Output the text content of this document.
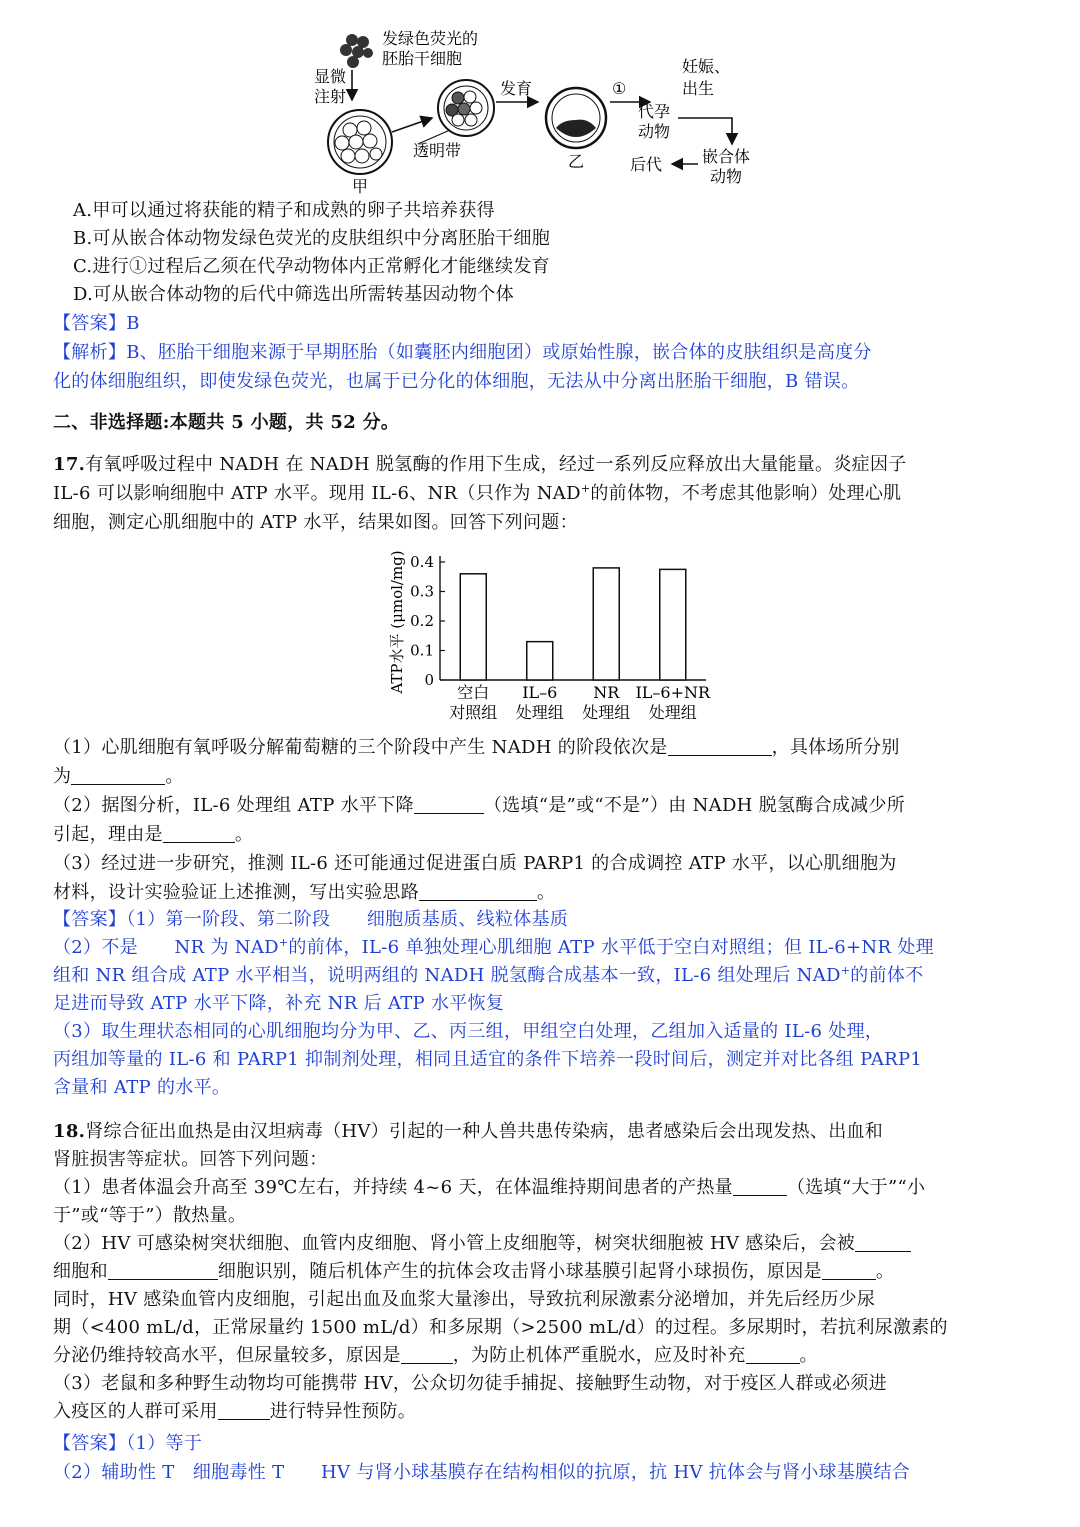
发绿色荧光的
胚胎干细胞
显微
注射
甲
透明带
发育
乙
①
代孕
动物
妊娠、
出生
嵌合体
动物
后代
A.甲可以通过将获能的精子和成熟的卵子共培养获得
B.可从嵌合体动物发绿色荧光的皮肤组织中分离胚胎干细胞
C.进行①过程后乙须在代孕动物体内正常孵化才能继续发育
D.可从嵌合体动物的后代中筛选出所需转基因动物个体
【答案】B
【解析】B、胚胎干细胞来源于早期胚胎（如囊胚内细胞团）或原始性腺，嵌合体的皮肤组织是高度分
化的体细胞组织，即使发绿色荧光，也属于已分化的体细胞，无法从中分离出胚胎干细胞，B 错误。
二、非选择题:本题共 5 小题，共 52 分。
17.有氧呼吸过程中 NADH 在 NADH 脱氢酶的作用下生成，经过一系列反应释放出大量能量。炎症因子
IL-6 可以影响细胞中 ATP 水平。现用 IL-6、NR（只作为 NAD+的前体物，不考虑其他影响）处理心肌
细胞，测定心肌细胞中的 ATP 水平，结果如图。回答下列问题：
ATP水平 (μmol/mg) 0
0.1
0.2
0.3
0.4
空白
对照组
IL–6
处理组
NR
处理组
IL–6+NR
处理组
（1）心肌细胞有氧呼吸分解葡萄糖的三个阶段中产生 NADH 的阶段依次是	，具体场所分别
为	。
（2）据图分析，IL-6 处理组 ATP 水平下降	（选填“是”或“不是”）由 NADH 脱氢酶合成减少所
引起，理由是	。
（3）经过进一步研究，推测 IL-6 还可能通过促进蛋白质 PARP1 的合成调控 ATP 水平，以心肌细胞为
材料，设计实验验证上述推测，写出实验思路	。
【答案】（1）第一阶段、第二阶段　　细胞质基质、线粒体基质
（2）不是　　NR 为 NAD+的前体，IL-6 单独处理心肌细胞 ATP 水平低于空白对照组；但 IL-6+NR 处理
组和 NR 组合成 ATP 水平相当，说明两组的 NADH 脱氢酶合成基本一致，IL-6 组处理后 NAD+的前体不
足进而导致 ATP 水平下降，补充 NR 后 ATP 水平恢复
（3）取生理状态相同的心肌细胞均分为甲、乙、丙三组，甲组空白处理，乙组加入适量的 IL-6 处理，
丙组加等量的 IL-6 和 PARP1 抑制剂处理，相同且适宜的条件下培养一段时间后，测定并对比各组 PARP1
含量和 ATP 的水平。
18.肾综合征出血热是由汉坦病毒（HV）引起的一种人兽共患传染病，患者感染后会出现发热、出血和
肾脏损害等症状。回答下列问题：
（1）患者体温会升高至 39℃左右，并持续 4~6 天，在体温维持期间患者的产热量	（选填“大于”“小
于”或“等于”）散热量。
（2）HV 可感染树突状细胞、血管内皮细胞、肾小管上皮细胞等，树突状细胞被 HV 感染后，会被
细胞和	细胞识别，随后机体产生的抗体会攻击肾小球基膜引起肾小球损伤，原因是	。
同时，HV 感染血管内皮细胞，引起出血及血浆大量渗出，导致抗利尿激素分泌增加，并先后经历少尿
期（<400 mL/d，正常尿量约 1500 mL/d）和多尿期（>2500 mL/d）的过程。多尿期时，若抗利尿激素的
分泌仍维持较高水平，但尿量较多，原因是	，为防止机体严重脱水，应及时补充	。
（3）老鼠和多种野生动物均可能携带 HV，公众切勿徒手捕捉、接触野生动物，对于疫区人群或必须进
入疫区的人群可采用	进行特异性预防。
【答案】（1）等于
（2）辅助性 T　细胞毒性 T　　HV 与肾小球基膜存在结构相似的抗原，抗 HV 抗体会与肾小球基膜结合
